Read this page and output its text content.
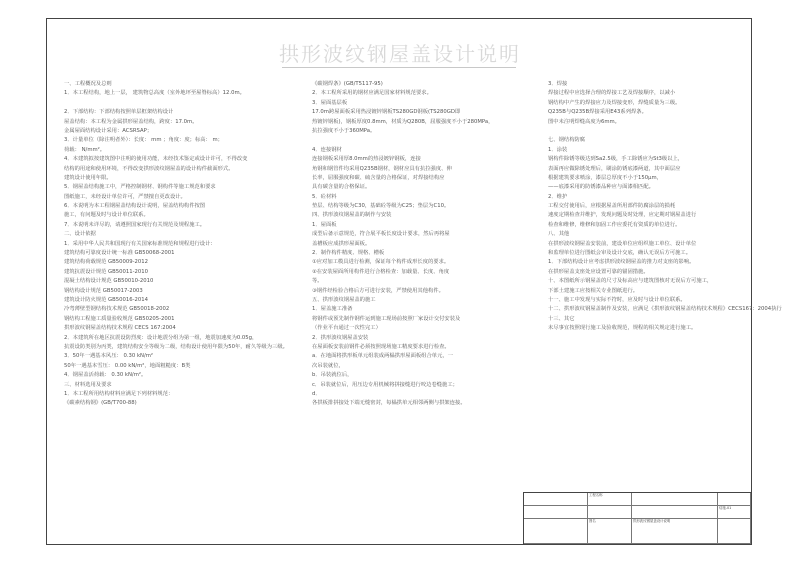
拱形波纹钢屋盖设计说明
一、工程概况及总则
1．本工程结构，地上一层， 建筑物总高度（室外地坪至屋脊标高）12.0m。
2．下部结构：下部结构按照单层框架结构设计
屋盖结构：本工程为金属拱形屋盖结构，跨度：17.0m。
金属屋面结构设计采用：ACSRSAP；
3．计量单位（除注明者外）：长度： mm ；角度：度；标高： m；
荷载： N/mm²。
4．本建筑拟按建筑图中注明的使用功能，未经技术鉴定或设计许可，不得改变
结构的用途和使用环境，不得改变拱形波纹钢屋盖的设计构件截面形式。
建筑设计使用年限。
5．钢屋盖结构施工中，严格控制钢材、钢构件等施工规范和要求
图纸施工，未经设计单位许可，严禁擅自更改设计。
6．本说明为本工程钢屋盖结构设计说明，屋盖结构构件按图
施工，有问题及时与设计单位联系。
7．本说明未详尽的，请遵照国家现行有关规范及规程施工。
二、设计依据
1．采用中华人民共和国现行有关国家标准规范和规程进行设计：
建筑结构可靠度设计统一标准 GB50068-2001
建筑结构荷载规范 GB50009-2012
建筑抗震设计规范 GB50011-2010
混凝土结构设计规范 GB50010-2010
钢结构设计规范 GB50017-2003
建筑设计防火规范 GB50016-2014
冷弯薄壁型钢结构技术规范 GB50018-2002
钢结构工程施工质量验收规范 GB50205-2001
拱形波纹钢屋盖结构技术规程 CECS 167:2004
2．本建筑所在地区抗震设防烈度：设计地震分组为第一组，地震加速度为0.05g，
抗震设防类别为丙类，建筑结构安全等级为二级，结构设计使用年限为50年，耐久等级为三级。
3．50年一遇基本风压： 0.30 kN/m²
50年一遇基本雪压： 0.00 kN/m²，地面粗糙度：B类
4．钢屋盖活荷载： 0.30 kN/m²。
三、材料选用及要求
1．本工程所用结构材料应满足下列材料规范：
《碳素结构钢》(GB/T700-88)
《碳钢焊条》(GB/T5117-95)
2．本工程所采用的钢材应满足国家材料规范要求。
3．屋面基层板
17.0m跨屋面板采用热浸镀锌钢板TS280GD钢板(TS280GD即
热镀锌钢板)，钢板厚度0.8mm，材质为Q280B，屈服强度不小于280MPa，
抗拉强度不小于360MPa。
4．连接钢材
连接钢板采用厚8.0mm的热浸镀锌钢板，连接
角钢和钢管件均采用Q235B钢材，钢材应具有抗拉强度、伸
长率，屈服强度和碳、硫含量的合格保证，对焊接结构应
具有碳含量的合格保证。
5．砼材料
垫层、结构等级为C30，基础砼等级为C25；垫层为C10。
四、拱形波纹钢屋盖的制作与安装
1．屋面板
成型后备示意规范，符合展平板长度设计要求，然后再将屋
盖槽板应成拱形屋面板。
2．制作构件精度、规格、槽板
①应对加工模具进行检测，保证每个构件成形长度的要求。
②在安装屋面所用构件进行合格检查：加载量、长度、角度
等。
③钢件经检验合格后方可进行安装，严禁使用其他构件。
五、拱形波纹钢屋盖的施工
1．屋盖施工准备
将钢件或预先制作钢件运到施工现场前按照厂家设计交付安装及
（作业平台通过一次性完工）
2．拱形波纹钢屋盖安装
在屋面板安装前钢件必须按照现场施工精度要求进行检查。
a．在地面将拱形板单元组装成两榀拱形屋面板组合单元，一
次吊装就位，
b．吊装就位后，
c．吊装就位后，用压边专用机械将拼接缝进行咬边卷缝施工；
d．
各拱板排拼接处下端无缝密封，每榀拱单元相邻两侧与拱架连接。
3．焊接
焊接过程中应选择合理的焊接工艺及焊接顺序，以减小
钢结构中产生的焊接应力及焊接变形，焊缝质量为三级。
Q235B与Q235B焊接采用E43系列焊条。
图中未注明焊缝高度为6mm。
七、钢结构防腐
1．涂装
钢构件除锈等级达到Sa2.5级，手工除锈应为St3级以上，
表面再应做除锈处理后，刷涂防锈底漆两道，其中面层应
根据建筑要求喷涂，漆层总厚度不小于150μm，
——底漆采用的防锈漆品种应与面漆相匹配。
2．维护
工程交付使用后，应根据屋盖所用部件防腐涂层的损耗
速度定期检查并维护，发现问题及时处理，应定期对钢屋盖进行
检查和维修，维修和加固工作应委托有资质的单位进行。
八、其他
在拱形波纹钢屋盖安装前，建设单位应组织施工单位、设计单位
和监理单位进行图纸会审及设计交底，确认无误后方可施工。
1．下部结构设计应考虑拱形波纹钢屋盖的推力对支座的影响。
在拱形屋盖支座处应设置可靠的锚固措施。
十、本图纸所示钢屋盖的尺寸及标高应与建筑图核对无误后方可施工，
下部土建施工应按相关专业图纸进行。
十一、施工中发现与实际不符时，应及时与设计单位联系。
十二、拱形波纹钢屋盖制作及安装，应满足《拱形波纹钢屋盖结构技术规程》CECS167：2004执行
十三、其它
未尽事宜按照现行施工及验收规范，规程的相关规定进行施工。
工程名称
结施-01
图名	拱形波纹钢屋盖设计说明
